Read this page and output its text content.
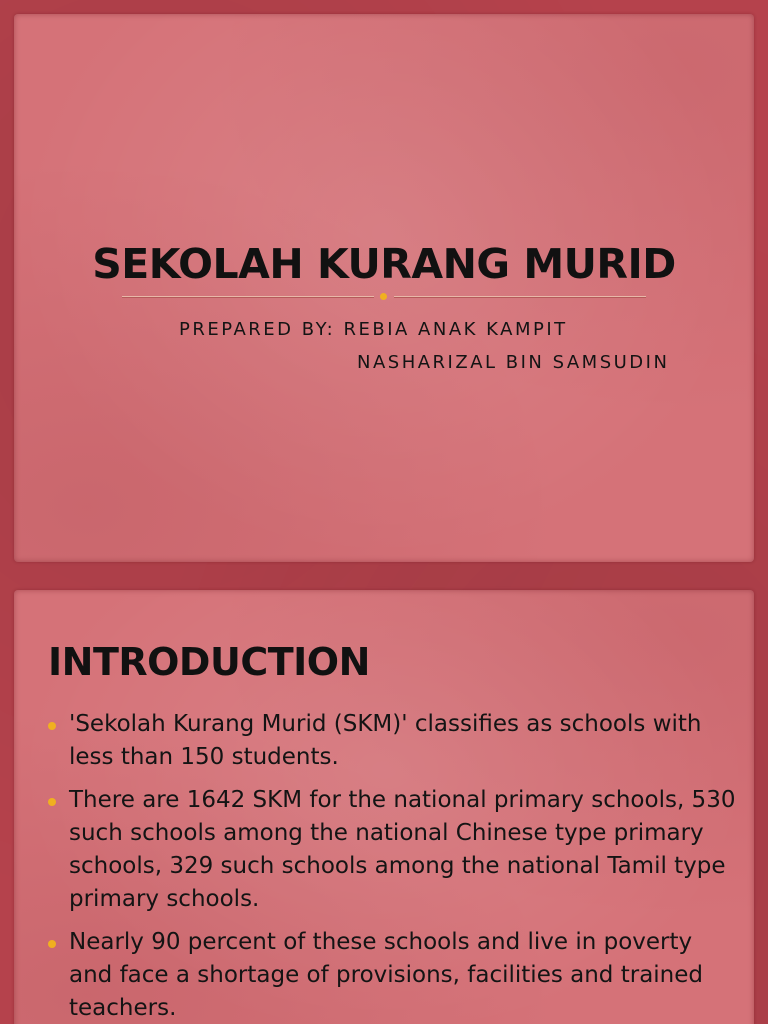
SEKOLAH KURANG MURID
PREPARED BY: REBIA ANAK KAMPIT
NASHARIZAL BIN SAMSUDIN
INTRODUCTION
'Sekolah Kurang Murid (SKM)' classifies as schools with less than 150 students.
There are 1642 SKM for the national primary schools, 530 such schools among the national Chinese type primary schools, 329 such schools among the national Tamil type primary schools.
Nearly 90 percent of these schools and live in poverty and face a shortage of provisions, facilities and trained teachers.
